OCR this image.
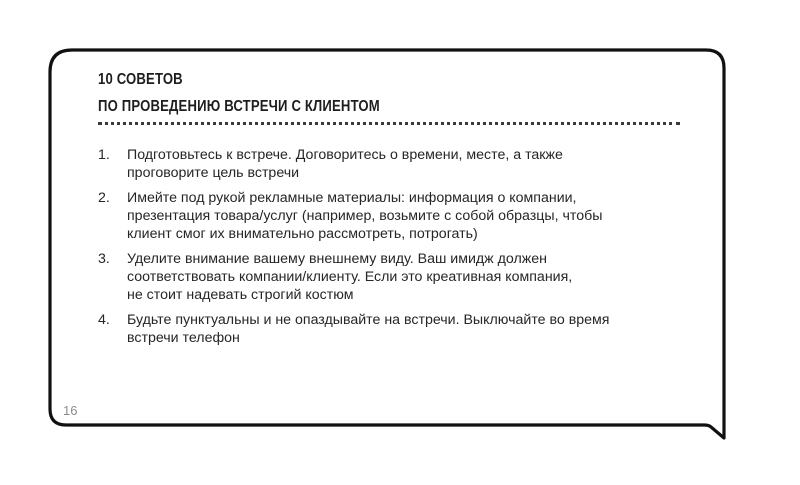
10 СОВЕТОВ
ПО ПРОВЕДЕНИЮ ВСТРЕЧИ С КЛИЕНТОМ
1. Подготовьтесь к встрече. Договоритесь о времени, месте, а также
проговорите цель встречи
2. Имейте под рукой рекламные материалы: информация о компании,
презентация товара/услуг (например, возьмите с собой образцы, чтобы
клиент смог их внимательно рассмотреть, потрогать)
3. Уделите внимание вашему внешнему виду. Ваш имидж должен
соответствовать компании/клиенту. Если это креативная компания,
не стоит надевать строгий костюм
4. Будьте пунктуальны и не опаздывайте на встречи. Выключайте во время
встречи телефон
16
